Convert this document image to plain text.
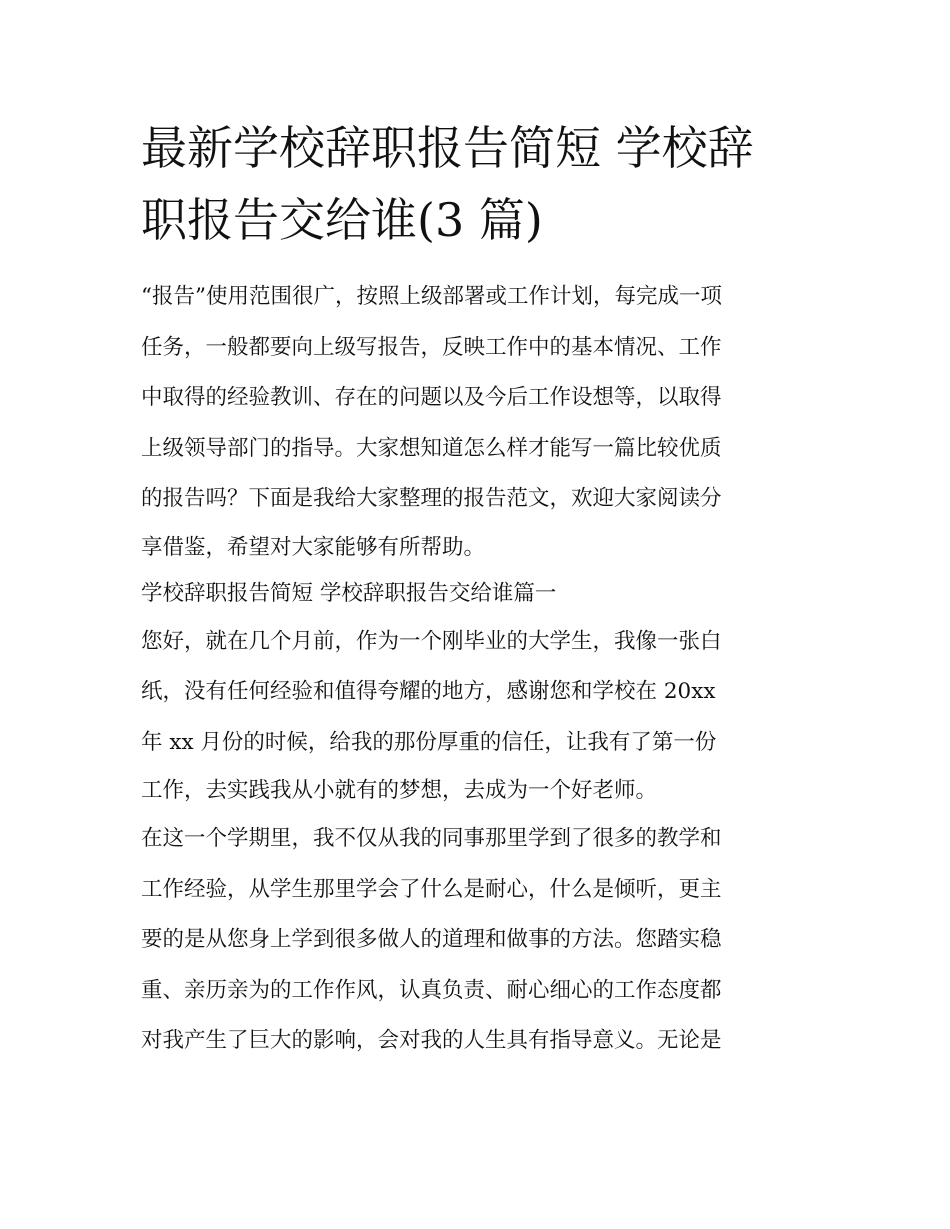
最新学校辞职报告简短 学校辞
职报告交给谁(3 篇)
“报告”使用范围很广，按照上级部署或工作计划，每完成一项
任务，一般都要向上级写报告，反映工作中的基本情况、工作
中取得的经验教训、存在的问题以及今后工作设想等，以取得
上级领导部门的指导。大家想知道怎么样才能写一篇比较优质
的报告吗？下面是我给大家整理的报告范文，欢迎大家阅读分
享借鉴，希望对大家能够有所帮助。
学校辞职报告简短 学校辞职报告交给谁篇一
您好，就在几个月前，作为一个刚毕业的大学生，我像一张白
纸，没有任何经验和值得夸耀的地方，感谢您和学校在 20xx
年 xx 月份的时候，给我的那份厚重的信任，让我有了第一份
工作，去实践我从小就有的梦想，去成为一个好老师。
在这一个学期里，我不仅从我的同事那里学到了很多的教学和
工作经验，从学生那里学会了什么是耐心，什么是倾听，更主
要的是从您身上学到很多做人的道理和做事的方法。您踏实稳
重、亲历亲为的工作作风，认真负责、耐心细心的工作态度都
对我产生了巨大的影响，会对我的人生具有指导意义。无论是
